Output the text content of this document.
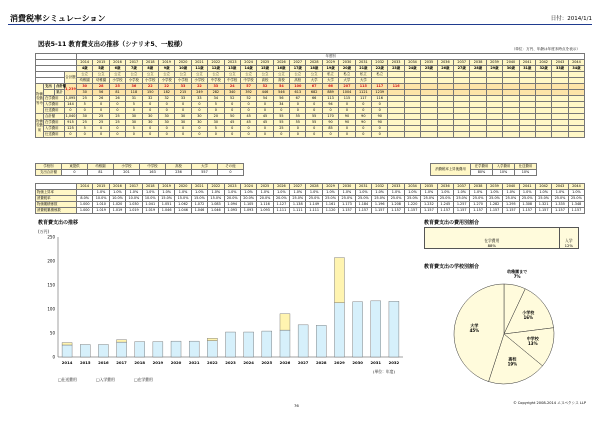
消費税率シミュレーション	日付：2014/1/1
図表5-11 教育費支出の推移（シナリオ5、一般様）
（単位：万円、年齢は年度末時点を表示）
				年度別																														
				2014	2015	2016	2017	2018	2019	2020	2021	2022	2023	2024	2025	2026	2027	2028	2029	2030	2031	2032	2033	2034	2035	2036	2037	2038	2039	2040	2041	2042	2043	2044
				4歳	5歳	6歳	7歳	8歳	9歳	10歳	11歳	12歳	13歳	14歳	15歳	16歳	17歳	18歳	19歳	20歳	21歳	22歳	23歳	24歳	25歳	26歳	27歳	28歳	29歳	30歳	31歳	32歳	33歳	34歳
			合計額	公立	公立	公立	公立	公立	公立	公立	公立	公立	公立	公立	公立	公立	公立	公立	私立	私立	私立	私立												
				幼稚園	幼稚園	小学校	小学校	小学校	小学校	小学校	小学校	中学校	中学校	中学校	高校	高校	高校	大学	大学	大学	大学													
物価変動等考	支出	合計額	1,239	30	28	25	36	22	22	33	22	33	24	57	52	54	100	67	66	207	115	117	116											
		累計		30	56	81	118	150	182	215	249	282	340	392	446	546	613	682	889	1004	1121	1239												
	在学費用		1,095	25	26	26	31	32	32	33	33	34	52	52	54	56	67	66	113	115	117	116												
	入学費用		144	5	0	0	5	0	0	0	0	5	0	0	0	34	0	0	94	0	0	0												
	仕送費用		0	0	0	0	0	0	0	0	0	0	0	0	0	0	0	0	0	0	0	0												
物価変動前	合計額		1,040	30	25	25	30	30	30	30	30	20	50	45	45	55	55	55	170	90	90	90												
	在学費用		915	25	25	25	30	30	30	30	30	30	45	45	45	55	55	55	90	90	90	90												
	入学費用		125	5	0	0	5	0	0	0	0	5	0	0	0	25	0	0	85	0	0	0												
	仕送費用		0	0	0	0	0	0	0	0	0	0	0	0	0	0	0	0	0	0	0	0												
学校別	東提供	幼稚園	小学校	中学校	高校	大学	その他
支出合計額	0	81	201	163	236	557	0
消費税率上昇後費用	在学費用	入学費用	仕送費用
	80%	10%	10%
	2014	2015	2016	2017	2018	2019	2020	2021	2022	2023	2024	2025	2026	2027	2028	2029	2030	2031	2032	2033	2034	2035	2036	2037	2038	2039	2040	2041	2042	2043	2044
物価上昇率		1.0%	1.0%	1.0%	1.0%	1.0%	1.0%	1.0%	1.0%	1.0%	1.0%	1.0%	1.0%	1.0%	1.0%	1.0%	1.0%	1.0%	1.0%	1.0%	1.0%	1.0%	1.0%	1.0%	1.0%	1.0%	1.0%	1.0%	1.0%	1.0%	1.0%
消費税率	8.0%	10.0%	10.0%	10.0%	10.0%	15.0%	15.0%	15.0%	15.0%	20.0%	20.0%	20.0%	20.0%	25.0%	25.0%	25.0%	25.0%	25.0%	25.0%	25.0%	25.0%	25.0%	25.0%	25.0%	25.0%	25.0%	25.0%	25.0%	25.0%	25.0%	25.0%
物価累積係数	1.000	1.010	1.020	1.030	1.041	1.051	1.062	1.072	1.083	1.094	1.105	1.116	1.127	1.138	1.149	1.161	1.173	1.184	1.196	1.208	1.220	1.232	1.245	1.257	1.270	1.282	1.295	1.308	1.321	1.335	1.348
消費税累積係数	1.000	1.019	1.019	1.019	1.019	1.046	1.046	1.046	1.046	1.093	1.093	1.093	1.111	1.111	1.111	1.120	1.157	1.157	1.157	1.157	1.157	1.157	1.157	1.157	1.157	1.157	1.157	1.157	1.157	1.157	1.157
教育費支出の推移
(万円)
0
50
100
150
200
250
2014 2015 2016 2017 2018 2019 2020 2021 2022 2023 2024 2025 2026 2027 2028 2029 2030 2031 2032
(単位：年度)
□仕送費用	□入学費用	□在学費用
教育費支出の費用別割合
在学費用
88%
入学
12%
教育費支出の学校別割合
幼稚園まで
7%
小学校
16%
中学校
13%
高校
19%
大学
45%
76	© Copyright 2008-2014 エヌペクシス LLP
